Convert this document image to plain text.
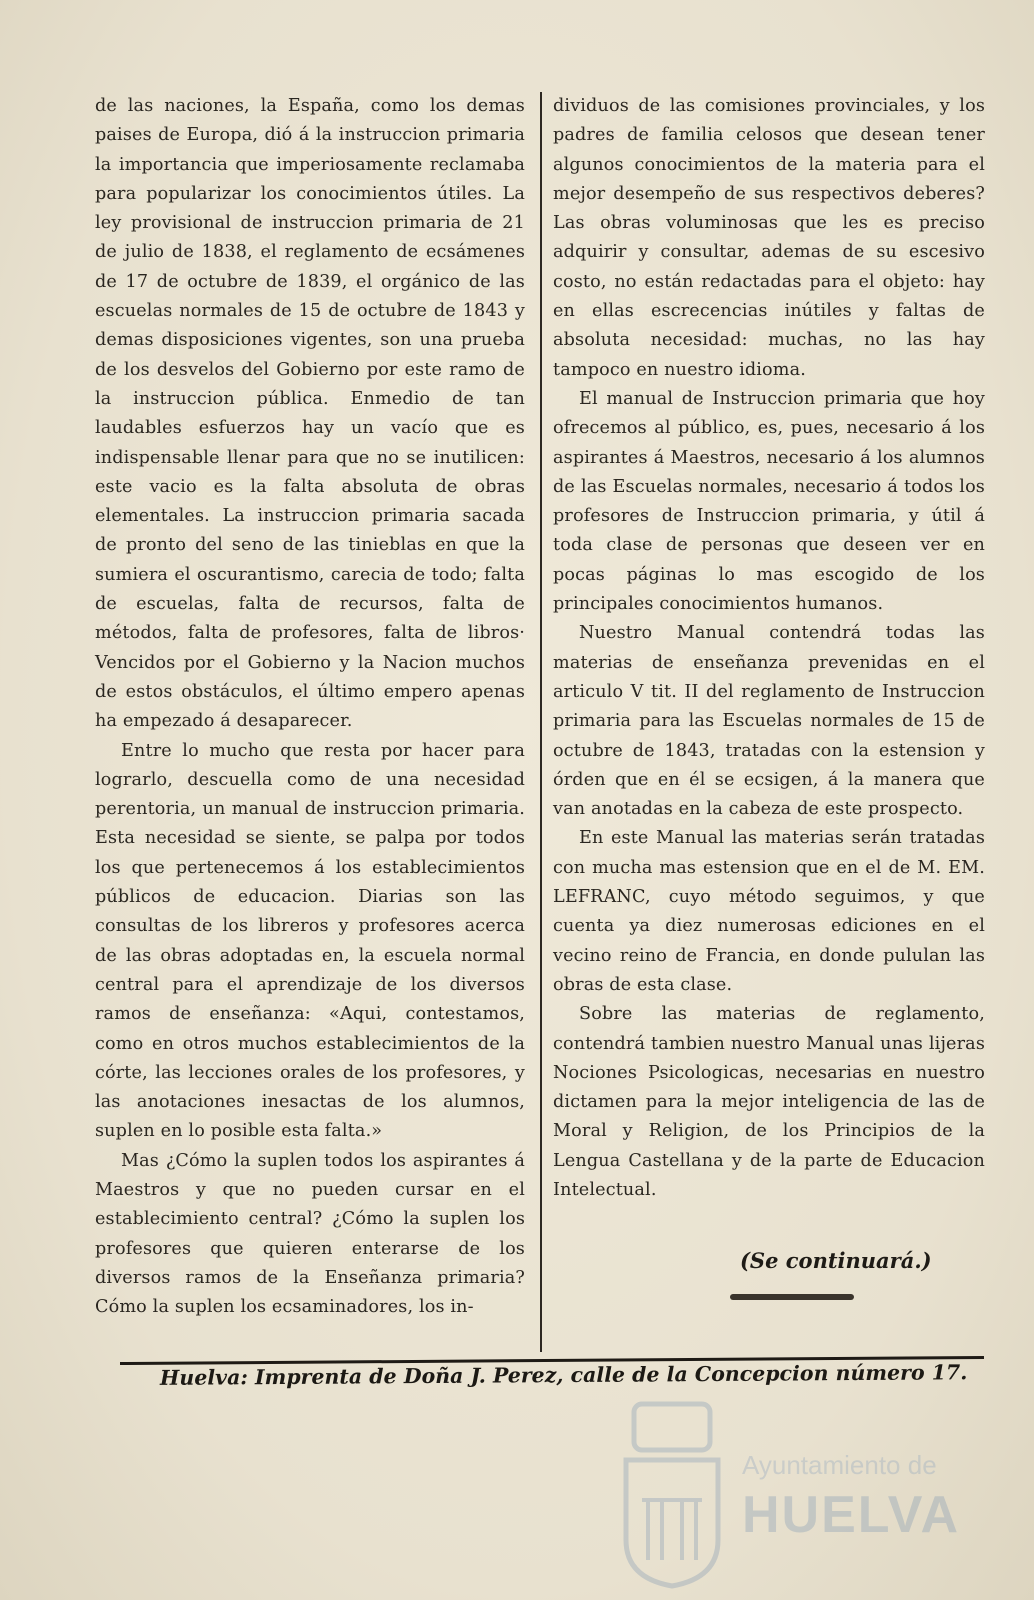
de las naciones, la España, como los demas paises de Europa, dió á la instruccion primaria la importancia que imperiosamente reclamaba para popularizar los conocimientos útiles. La ley provisional de instruccion primaria de 21 de julio de 1838, el reglamento de ecsámenes de 17 de octubre de 1839, el orgánico de las escuelas normales de 15 de octubre de 1843 y demas disposiciones vigentes, son una prueba de los desvelos del Gobierno por este ramo de la instruccion pública. Enmedio de tan laudables esfuerzos hay un vacío que es indispensable llenar para que no se inutilicen: este vacio es la falta absoluta de obras elementales. La instruccion primaria sacada de pronto del seno de las tinieblas en que la sumiera el oscurantismo, carecia de todo; falta de escuelas, falta de recursos, falta de métodos, falta de profesores, falta de libros· Vencidos por el Gobierno y la Nacion muchos de estos obstáculos, el último empero apenas ha empezado á desaparecer.

Entre lo mucho que resta por hacer para lograrlo, descuella como de una necesidad perentoria, un manual de instruccion primaria. Esta necesidad se siente, se palpa por todos los que pertenecemos á los establecimientos públicos de educacion. Diarias son las consultas de los libreros y profesores acerca de las obras adoptadas en, la escuela normal central para el aprendizaje de los diversos ramos de enseñanza: «Aqui, contestamos, como en otros muchos establecimientos de la córte, las lecciones orales de los profesores, y las anotaciones inesactas de los alumnos, suplen en lo posible esta falta.»

Mas ¿Cómo la suplen todos los aspirantes á Maestros y que no pueden cursar en el establecimiento central? ¿Cómo la suplen los profesores que quieren enterarse de los diversos ramos de la Enseñanza primaria? Cómo la suplen los ecsaminadores, los in-

dividuos de las comisiones provinciales, y los padres de familia celosos que desean tener algunos conocimientos de la materia para el mejor desempeño de sus respectivos deberes? Las obras voluminosas que les es preciso adquirir y consultar, ademas de su escesivo costo, no están redactadas para el objeto: hay en ellas escrecencias inútiles y faltas de absoluta necesidad: muchas, no las hay tampoco en nuestro idioma.

El manual de Instruccion primaria que hoy ofrecemos al público, es, pues, necesario á los aspirantes á Maestros, necesario á los alumnos de las Escuelas normales, necesario á todos los profesores de Instruccion primaria, y útil á toda clase de personas que deseen ver en pocas páginas lo mas escogido de los principales conocimientos humanos.

Nuestro Manual contendrá todas las materias de enseñanza prevenidas en el articulo V tit. II del reglamento de Instruccion primaria para las Escuelas normales de 15 de octubre de 1843, tratadas con la estension y órden que en él se ecsigen, á la manera que van anotadas en la cabeza de este prospecto.

En este Manual las materias serán tratadas con mucha mas estension que en el de M. EM. LEFRANC, cuyo método seguimos, y que cuenta ya diez numerosas ediciones en el vecino reino de Francia, en donde pululan las obras de esta clase.

Sobre las materias de reglamento, contendrá tambien nuestro Manual unas lijeras Nociones Psicologicas, necesarias en nuestro dictamen para la mejor inteligencia de las de Moral y Religion, de los Principios de la Lengua Castellana y de la parte de Educacion Intelectual.

(Se continuará.)
Huelva: Imprenta de Doña J. Perez, calle de la Concepcion número 17.
Ayuntamiento de
HUELVA
